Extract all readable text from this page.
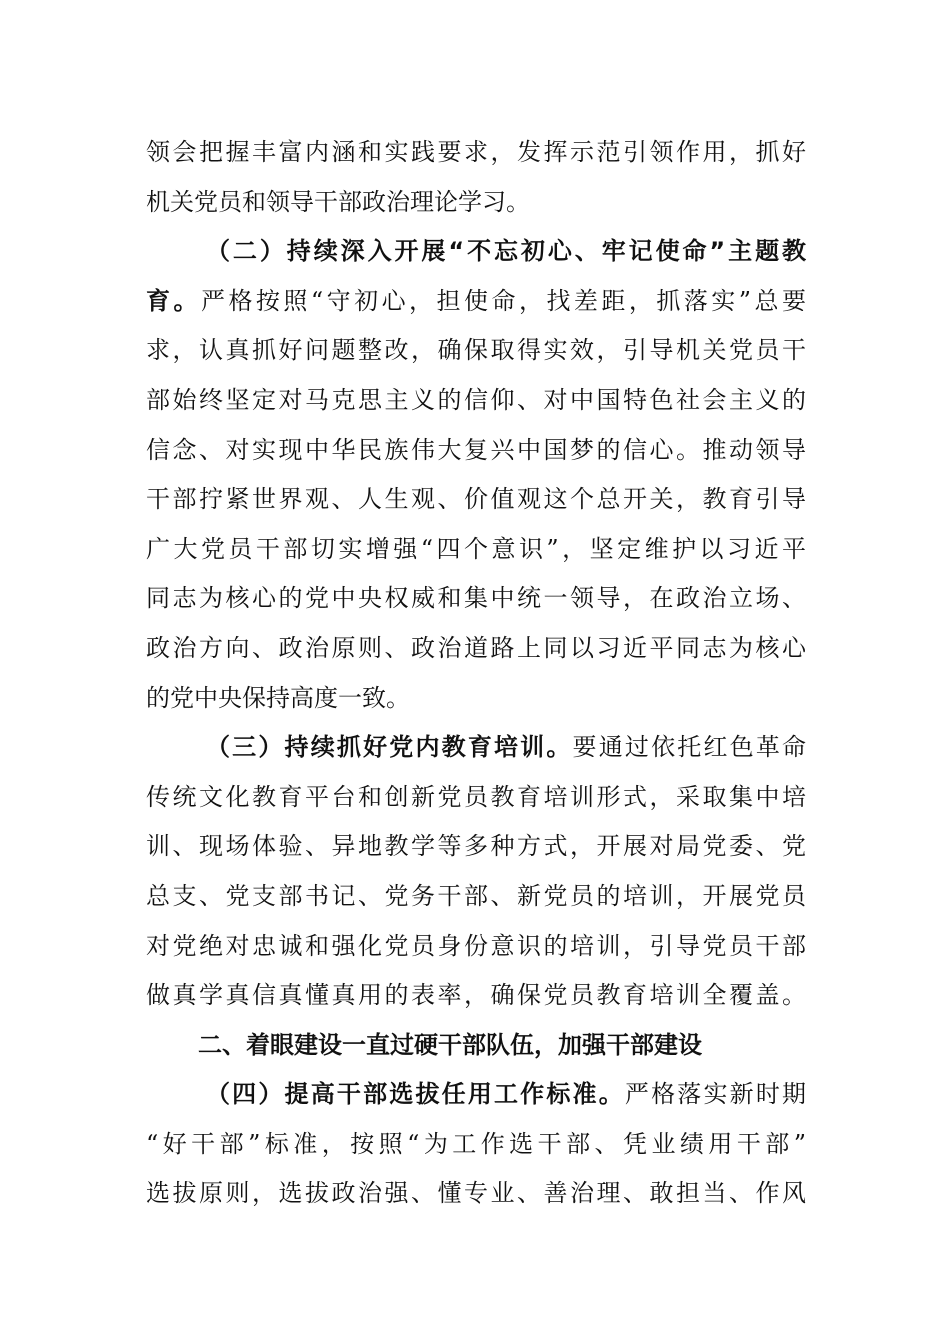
领会把握丰富内涵和实践要求，发挥示范引领作用，抓好
机关党员和领导干部政治理论学习。
（二）持续深入开展“不忘初心、牢记使命”主题教
育。严格按照“守初心，担使命，找差距，抓落实”总要
求，认真抓好问题整改，确保取得实效，引导机关党员干
部始终坚定对马克思主义的信仰、对中国特色社会主义的
信念、对实现中华民族伟大复兴中国梦的信心。推动领导
干部拧紧世界观、人生观、价值观这个总开关，教育引导
广大党员干部切实增强“四个意识”，坚定维护以习近平
同志为核心的党中央权威和集中统一领导，在政治立场、
政治方向、政治原则、政治道路上同以习近平同志为核心
的党中央保持高度一致。
（三）持续抓好党内教育培训。要通过依托红色革命
传统文化教育平台和创新党员教育培训形式，采取集中培
训、现场体验、异地教学等多种方式，开展对局党委、党
总支、党支部书记、党务干部、新党员的培训，开展党员
对党绝对忠诚和强化党员身份意识的培训，引导党员干部
做真学真信真懂真用的表率，确保党员教育培训全覆盖。
二、着眼建设一直过硬干部队伍，加强干部建设
（四）提高干部选拔任用工作标准。严格落实新时期
“好干部”标准，按照“为工作选干部、凭业绩用干部”
选拔原则，选拔政治强、懂专业、善治理、敢担当、作风
